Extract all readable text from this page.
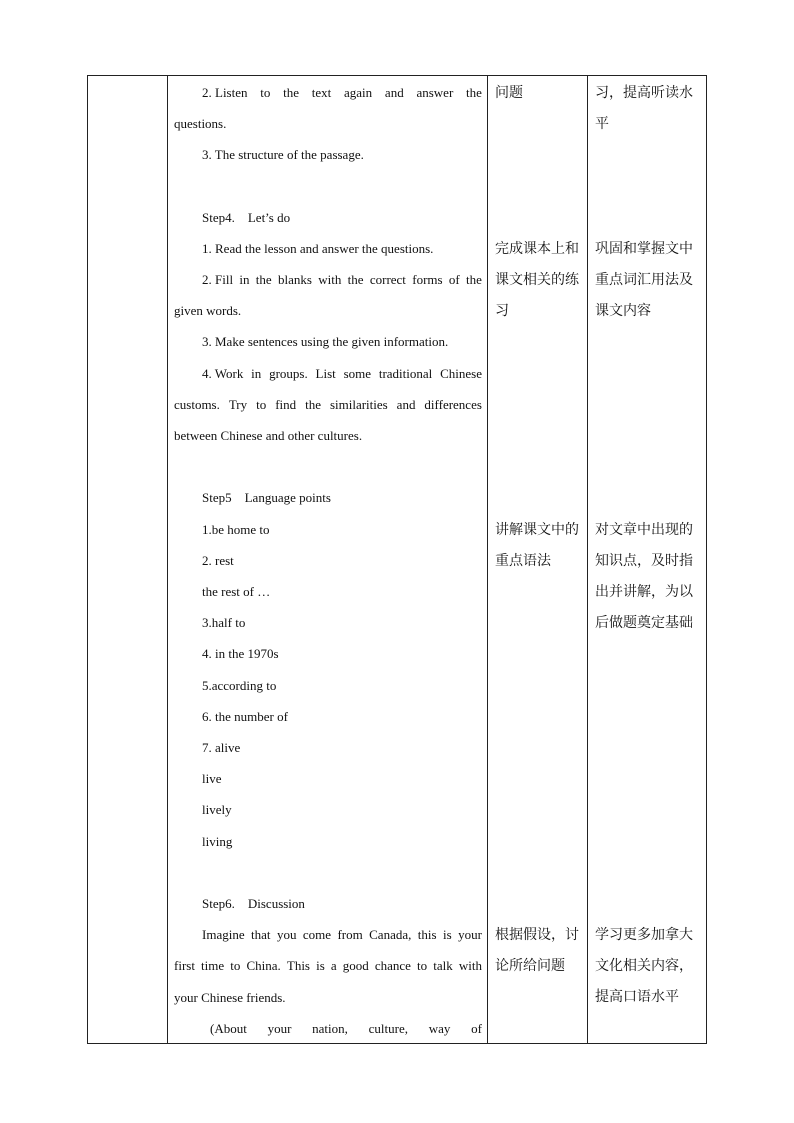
2. Listen to the text again and answer the
questions.
3. The structure of the passage.
Step4.    Let’s do
1. Read the lesson and answer the questions.
2. Fill in the blanks with the correct forms of the
given words.
3. Make sentences using the given information.
4. Work in groups. List some traditional Chinese
customs. Try to find the similarities and differences
between Chinese and other cultures.
Step5    Language points
1.be home to
2. rest
the rest of …
3.half to
4. in the 1970s
5.according to
6. the number of
7. alive
live
lively
living
Step6.    Discussion
Imagine that you come from Canada, this is your
first time to China. This is a good chance to talk with
your Chinese friends.
(About your nation, culture, way of
问题
完成课本上和
课文相关的练
习
讲解课文中的
重点语法
根据假设，讨
论所给问题
习，提高听读水
平
巩固和掌握文中
重点词汇用法及
课文内容
对文章中出现的
知识点，及时指
出并讲解，为以
后做题奠定基础
学习更多加拿大
文化相关内容，
提高口语水平
